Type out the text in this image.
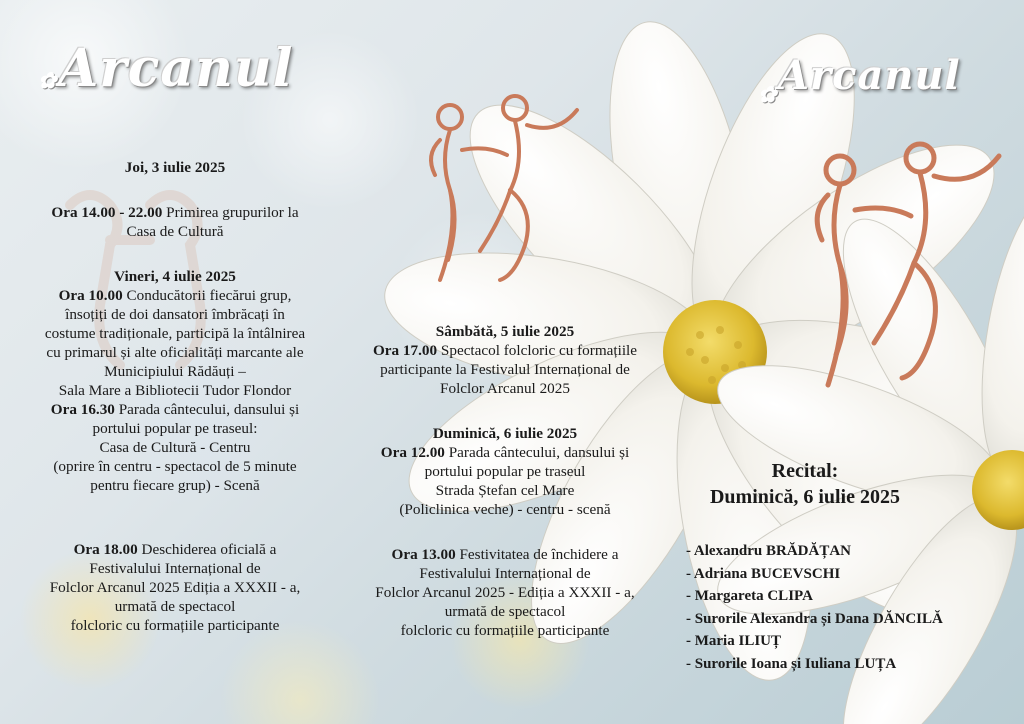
✿ Arcanul	✿ Arcanul

Joi, 3 iulie 2025

Ora 14.00 - 22.00 Primirea grupurilor la

Casa de Cultură

Vineri, 4 iulie 2025

Ora 10.00 Conducătorii fiecărui grup,

însoțiți de doi dansatori îmbrăcați în

costume tradiționale, participă la întâlnirea

cu primarul și alte oficialități marcante ale

Municipiului Rădăuți –

Sala Mare a Bibliotecii Tudor Flondor

Ora 16.30 Parada cântecului, dansului și

portului popular pe traseul:

Casa de Cultură - Centru

(oprire în centru - spectacol de 5 minute

pentru fiecare grup) - Scenă

Ora 18.00 Deschiderea oficială a

Festivalului Internațional de

Folclor Arcanul 2025 Ediția a XXXII - a,

urmată de spectacol

folcloric cu formațiile participante

Sâmbătă, 5 iulie 2025

Ora 17.00 Spectacol folcloric cu formațiile

participante la Festivalul Internațional de

Folclor Arcanul 2025

Duminică, 6 iulie 2025

Ora 12.00 Parada cântecului, dansului și

portului popular pe traseul

Strada Ștefan cel Mare

(Policlinica veche) - centru - scenă

Ora 13.00 Festivitatea de închidere a

Festivalului Internațional de

Folclor Arcanul 2025 - Ediția a XXXII - a,

urmată de spectacol

folcloric cu formațiile participante

Recital:

Duminică, 6 iulie 2025

- Alexandru BRĂDĂȚAN
- Adriana BUCEVSCHI
- Margareta CLIPA
- Surorile Alexandra și Dana DĂNCILĂ
- Maria ILIUȚ
- Surorile Ioana și Iuliana LUȚA
